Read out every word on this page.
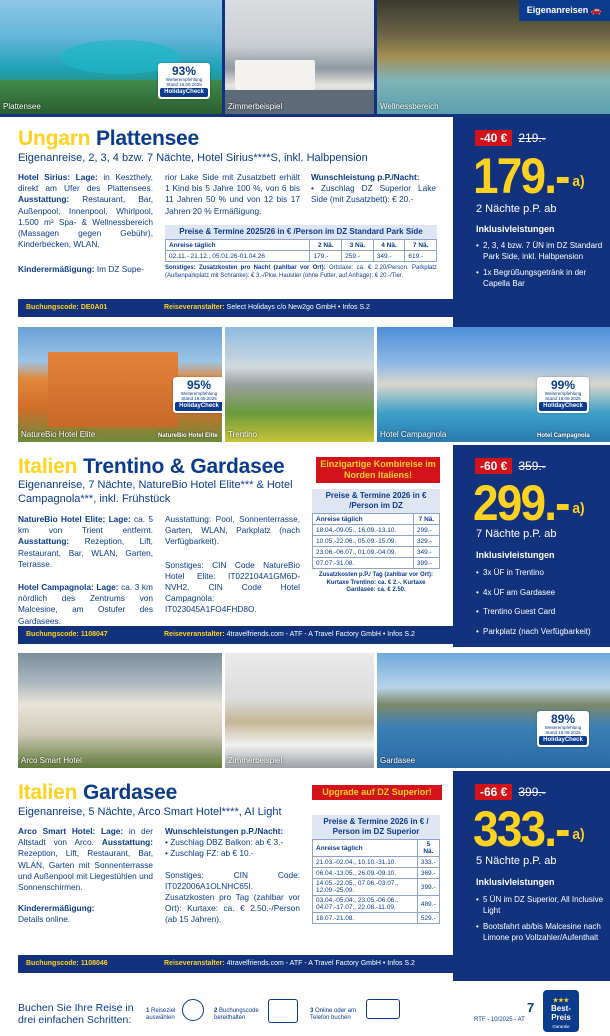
Plattensee
93%
Weiterempfehlung
Stand 16.09.2025
HolidayCheck
Zimmerbeispiel	Wellnessbereich
Eigenanreisen 🚗
Ungarn Plattensee
Eigenanreise, 2, 3, 4 bzw. 7 Nächte, Hotel Sirius****S, inkl. Halbpension
Hotel Sirius: Lage: in Keszthely, direkt am Ufer des Plattensees. Ausstattung: Restaurant, Bar, Außenpool, Innenpool, Whirlpool, 1.500 m² Spa- & Wellnessbereich (Massagen gegen Gebühr), Kinderbecken, WLAN.
Kinderermäßigung: Im DZ Supe-
rior Lake Side mit Zusatzbett erhält 1 Kind bis 5 Jahre 100 %, von 6 bis 11 Jahren 50 % und von 12 bis 17 Jahren 20 % Ermäßigung.
Wunschleistung p.P./Nacht:
• Zuschlag DZ Superior Lake Side (mit Zusatzbett): € 20.-
Preise & Termine 2025/26 in € /Person im DZ Standard Park Side
Anreise täglich	2 Nä.	3 Nä.	4 Nä.	7 Nä.
02.11.- 21.12., 05.01.26-01.04.26	179.-	259.-	349.-	619.-
Sonstiges: Zusatzkosten pro Nacht (zahlbar vor Ort): Ortstaxe: ca. € 2.20/Person. Parkplatz (Außenparkplatz mit Schranke): € 3.-/Pkw. Haustier (ohne Futter, auf Anfrage): € 20.-/Tier.
Buchungscode: DE0A01	Reiseveranstalter: Select Holidays c/o New2go GmbH • Infos S.2
-40 € 219.-
179.- $^{a)}$
2 Nächte p.P. ab
Inklusivleistungen
• 2, 3, 4 bzw. 7 ÜN im DZ Standard Park Side, inkl. Halbpension
• 1x Begrüßungsgetränk in der Capella Bar
NatureBio Hotel Elite
95%
Weiterempfehlung
Stand 16.09.2025
HolidayCheck
NatureBio Hotel Elite Trentino	Hotel Campagnola
99%
Weiterempfehlung
Stand 16.09.2025
HolidayCheck
Hotel Campagnola
Italien Trentino & Gardasee
Eigenanreise, 7 Nächte, NatureBio Hotel Elite*** & Hotel Campagnola***, inkl. Frühstück
Einzigartige Kombireise im Norden Italiens!
NatureBio Hotel Elite: Lage: ca. 5 km von Trient entfernt. Ausstattung: Rezeption, Lift, Restaurant, Bar, WLAN, Garten, Terrasse.
Hotel Campagnola: Lage: ca. 3 km nördlich des Zentrums von Malcesine, am Ostufer des Gardasees.
Ausstattung: Pool, Sonnenterrasse, Garten, WLAN, Parkplatz (nach Verfügbarkeit).
Sonstiges: CIN Code NatureBio Hotel Elite: IT022104A1GM6D-NVH2. CIN Code Hotel Campagnola: IT023045A1FO4FHD8O.
Preise & Termine 2026 in € /Person im DZ
Anreise täglich	7 Nä.
18.04.-09.05., 16.09.-13.10.	299.-
10.05.-22.06., 05.09.-15.09.	329.-
23.06.-06.07., 01.09.-04.09.	349.-
07.07.-31.08.	399.-
Zusatzkosten p.P./ Tag (zahlbar vor Ort): Kurtaxe Trentino: ca. € 2.-. Kurtaxe Gardasee: ca. € 2.50.
Buchungscode: 1108047	Reiseveranstalter: 4travelfriends.com - ATF - A Travel Factory GmbH • Infos S.2
-60 € 359.-
299.- $^{a)}$
7 Nächte p.P. ab
Inklusivleistungen
• 3x ÜF in Trentino
• 4x ÜF am Gardasee
• Trentino Guest Card
• Parkplatz (nach Verfügbarkeit)
Arco Smart Hotel	Zimmerbeispiel	Gardasee
89%
Weiterempfehlung
Stand 16.09.2025
HolidayCheck
Italien Gardasee
Eigenanreise, 5 Nächte, Arco Smart Hotel****, AI Light
Upgrade auf DZ Superior!
Arco Smart Hotel: Lage: in der Altstadt von Arco. Ausstattung: Rezeption, Lift, Restaurant, Bar, WLAN, Garten mit Sonnenterrasse und Außenpool mit Liegestühlen und Sonnenschirmen.
Kinderermäßigung:
Details online.
Wunschleistungen p.P./Nacht:
• Zuschlag DBZ Balkon: ab € 3.-
• Zuschlag FZ: ab € 10.-
Sonstiges: CIN Code: IT022006A1OLNHC65I. Zusatzkosten pro Tag (zahlbar vor Ort): Kurtaxe: ca. € 2.50.-/Person (ab 15 Jahren).
Preise & Termine 2026 in € / Person im DZ Superior
Anreise täglich	5 Nä.
21.03.-02.04., 10.10.-31.10.	333.-
06.04.-13.05., 26.09.-09.10.	369.-
14.05.-22.05., 07.06.-03.07., 12.09.-25.09.	399.-
03.04.-05.04., 23.05.-06.06., 04.07.-17.07., 22.08.-11.09.	489.-
18.07.-21.08.	529.-
Buchungscode: 1108046	Reiseveranstalter: 4travelfriends.com - ATF - A Travel Factory GmbH • Infos S.2
-66 € 399.-
333.- $^{a)}$
5 Nächte p.P. ab
Inklusivleistungen
• 5 ÜN im DZ Superior, All Inclusive Light
• Bootsfahrt ab/bis Malcesine nach Limone pro Vollzahler/Aufenthalt
Buchen Sie Ihre Reise in drei einfachen Schritten:
1 Reiseziel auswählen
2 Buchungscode bereithalten
3 Online oder am Telefon buchen
7
RTF - 10/2025 - AT
★★★
Best-
Preis
Garantie
